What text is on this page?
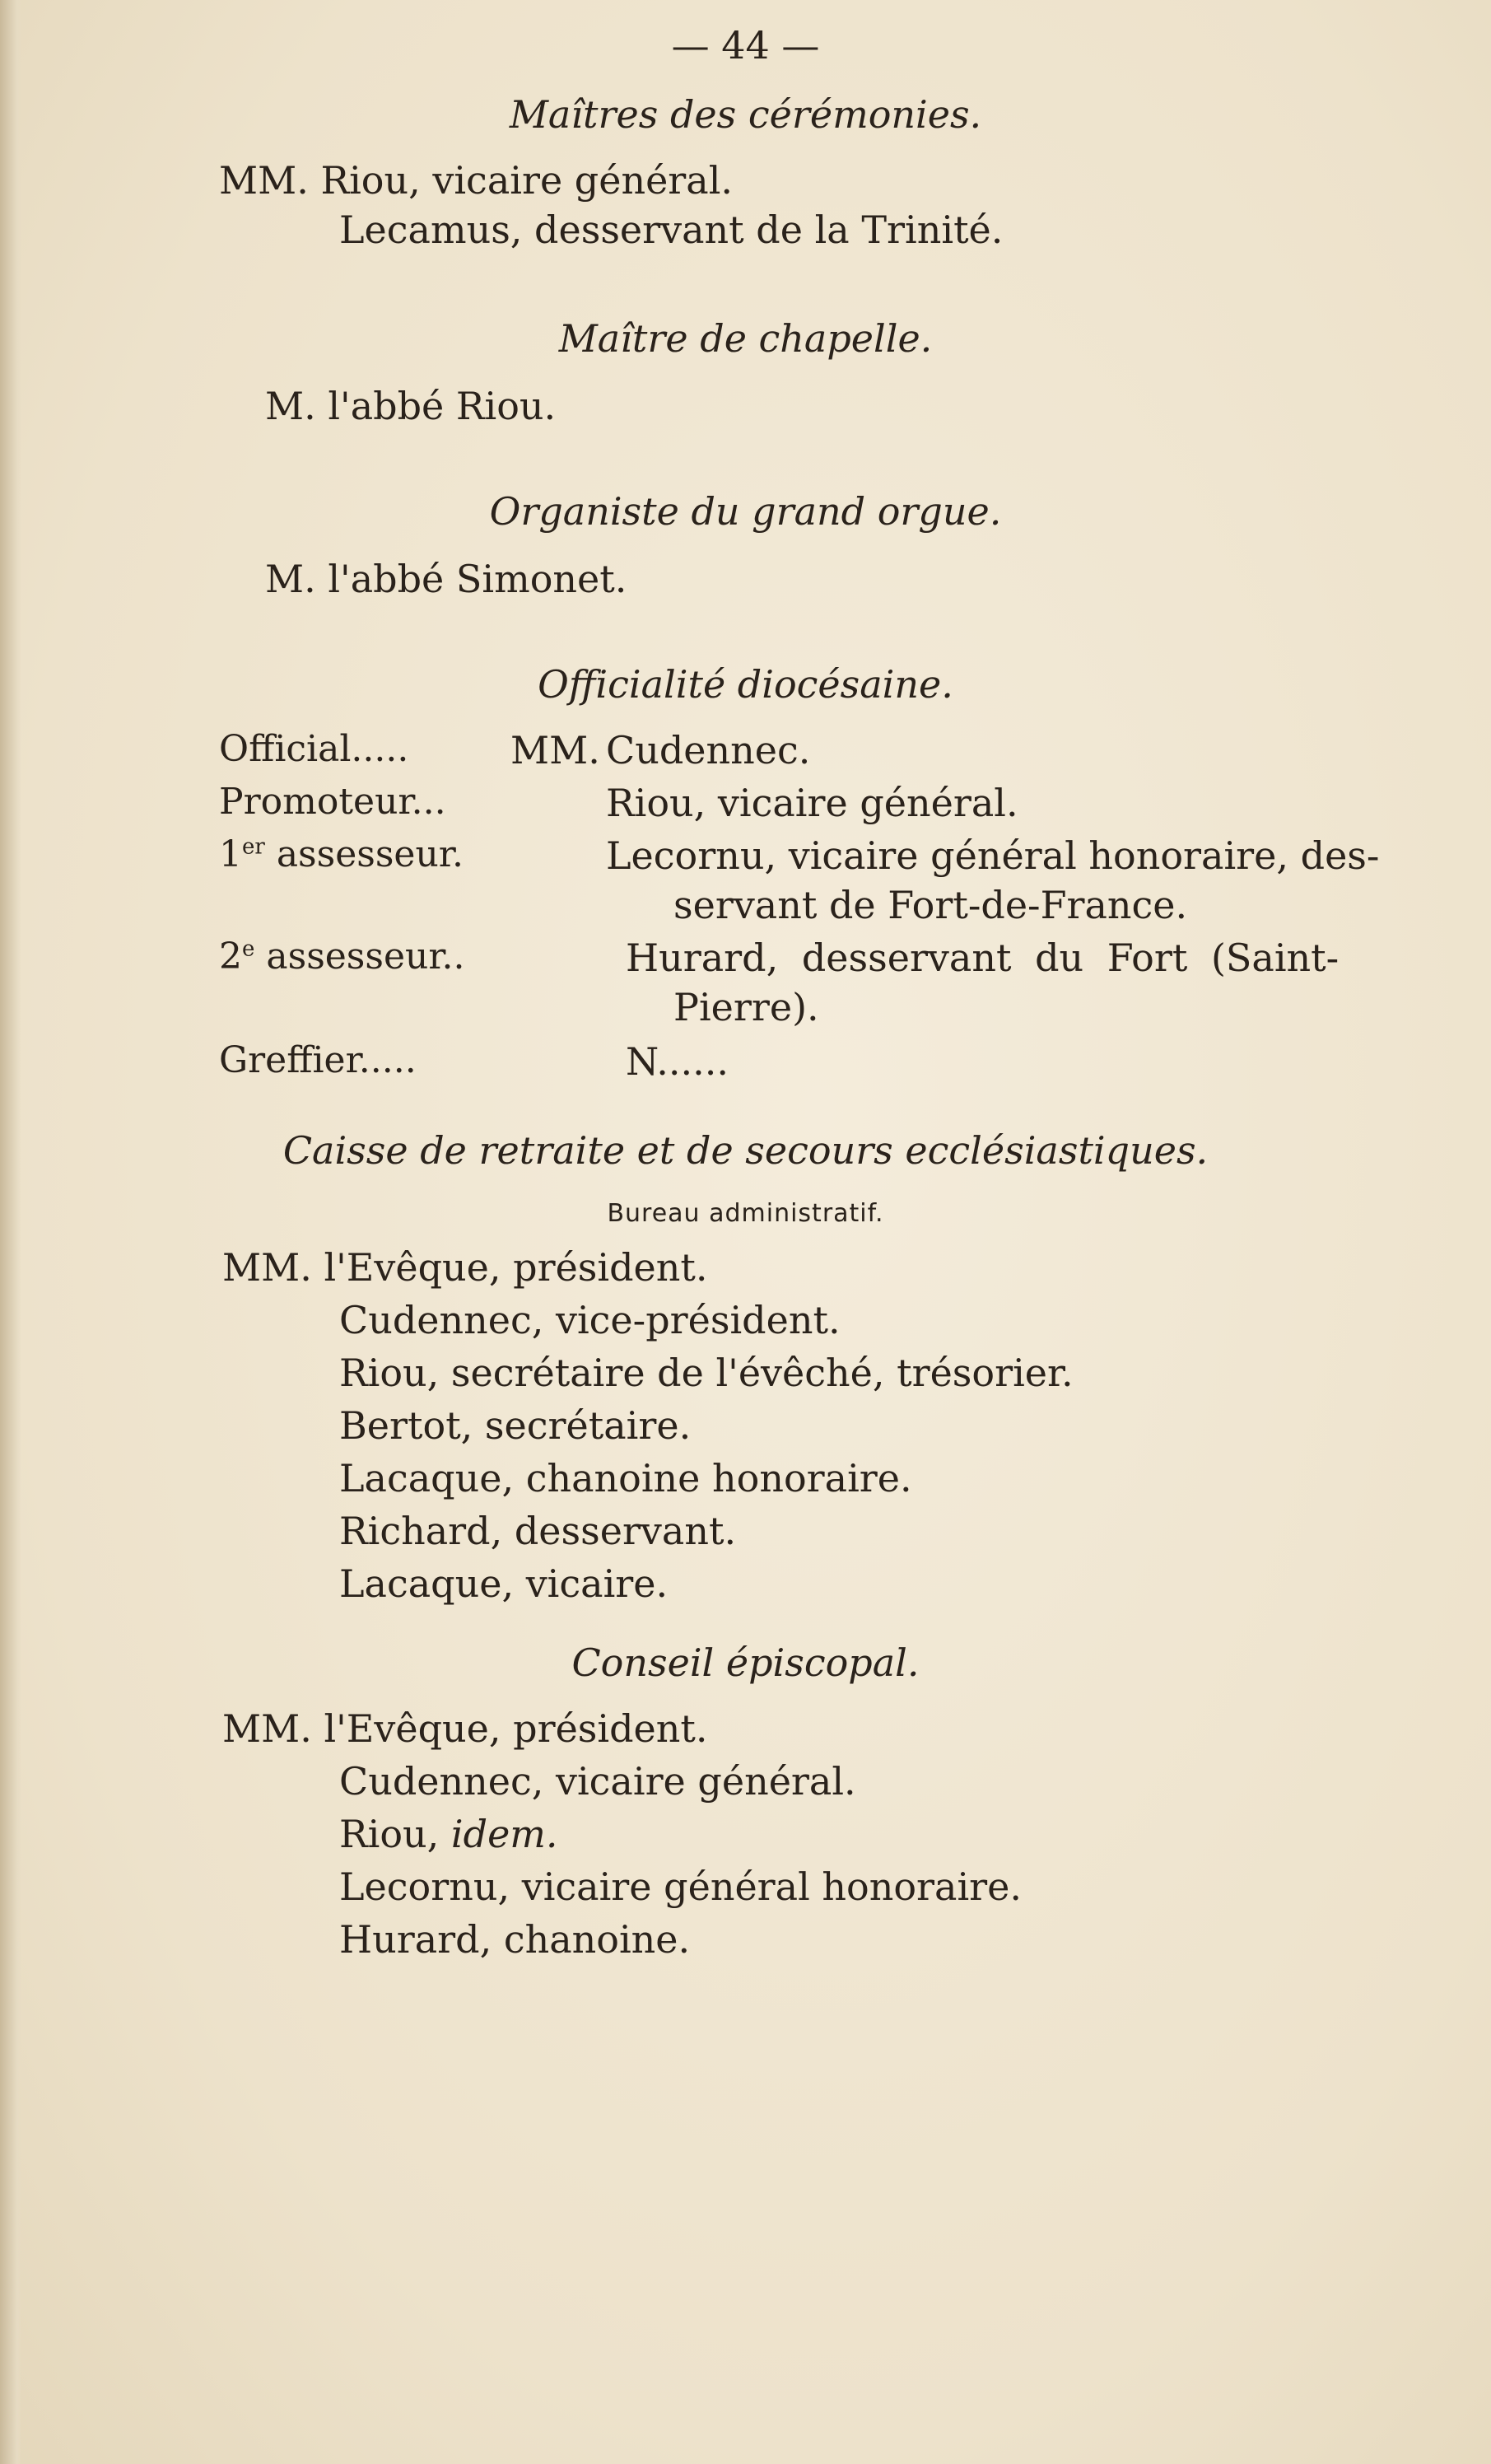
— 44 —
Maîtres des cérémonies.
MM. Riou, vicaire général.
Lecamus, desservant de la Trinité.
Maître de chapelle.
M. l'abbé Riou.
Organiste du grand orgue.
M. l'abbé Simonet.
Officialité diocésaine.
Official.....	MM. Cudennec.
Promoteur...	Riou, vicaire général.
1er assesseur.	Lecornu, vicaire général honoraire, des-
servant de Fort-de-France.
2e assesseur..	Hurard, desservant du Fort (Saint-
Pierre).
Greffier.....	N......
Caisse de retraite et de secours ecclésiastiques.
Bureau administratif.
MM. l'Evêque, président.
Cudennec, vice-président.
Riou, secrétaire de l'évêché, trésorier.
Bertot, secrétaire.
Lacaque, chanoine honoraire.
Richard, desservant.
Lacaque, vicaire.
Conseil épiscopal.
MM. l'Evêque, président.
Cudennec, vicaire général.
Riou, idem.
Lecornu, vicaire général honoraire.
Hurard, chanoine.
